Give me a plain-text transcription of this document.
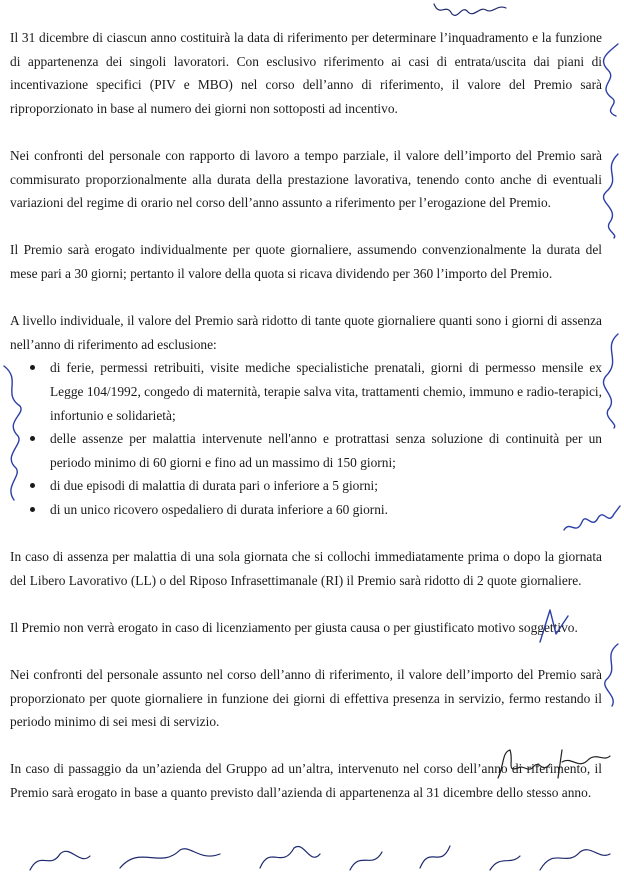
Il 31 dicembre di ciascun anno costituirà la data di riferimento per determinare l’inquadramento e la funzione di appartenenza dei singoli lavoratori. Con esclusivo riferimento ai casi di entrata/uscita dai piani di incentivazione specifici (PIV e MBO) nel corso dell’anno di riferimento, il valore del Premio sarà riproporzionato in base al numero dei giorni non sottoposti ad incentivo.

Nei confronti del personale con rapporto di lavoro a tempo parziale, il valore dell’importo del Premio sarà commisurato proporzionalmente alla durata della prestazione lavorativa, tenendo conto anche di eventuali variazioni del regime di orario nel corso dell’anno assunto a riferimento per l’erogazione del Premio.

Il Premio sarà erogato individualmente per quote giornaliere, assumendo convenzionalmente la durata del mese pari a 30 giorni; pertanto il valore della quota si ricava dividendo per 360 l’importo del Premio.

A livello individuale, il valore del Premio sarà ridotto di tante quote giornaliere quanti sono i giorni di assenza nell’anno di riferimento ad esclusione:

di ferie, permessi retribuiti, visite mediche specialistiche prenatali, giorni di permesso mensile ex Legge 104/1992, congedo di maternità, terapie salva vita, trattamenti chemio, immuno e radio-terapici, infortunio e solidarietà;
delle assenze per malattia intervenute nell'anno e protrattasi senza soluzione di continuità per un periodo minimo di 60 giorni e fino ad un massimo di 150 giorni;
di due episodi di malattia di durata pari o inferiore a 5 giorni;
di un unico ricovero ospedaliero di durata inferiore a 60 giorni.

In caso di assenza per malattia di una sola giornata che si collochi immediatamente prima o dopo la giornata del Libero Lavorativo (LL) o del Riposo Infrasettimanale (RI) il Premio sarà ridotto di 2 quote giornaliere.

Il Premio non verrà erogato in caso di licenziamento per giusta causa o per giustificato motivo soggettivo.

Nei confronti del personale assunto nel corso dell’anno di riferimento, il valore dell’importo del Premio sarà proporzionato per quote giornaliere in funzione dei giorni di effettiva presenza in servizio, fermo restando il periodo minimo di sei mesi di servizio.

In caso di passaggio da un’azienda del Gruppo ad un’altra, intervenuto nel corso dell’anno di riferimento, il Premio sarà erogato in base a quanto previsto dall’azienda di appartenenza al 31 dicembre dello stesso anno.
